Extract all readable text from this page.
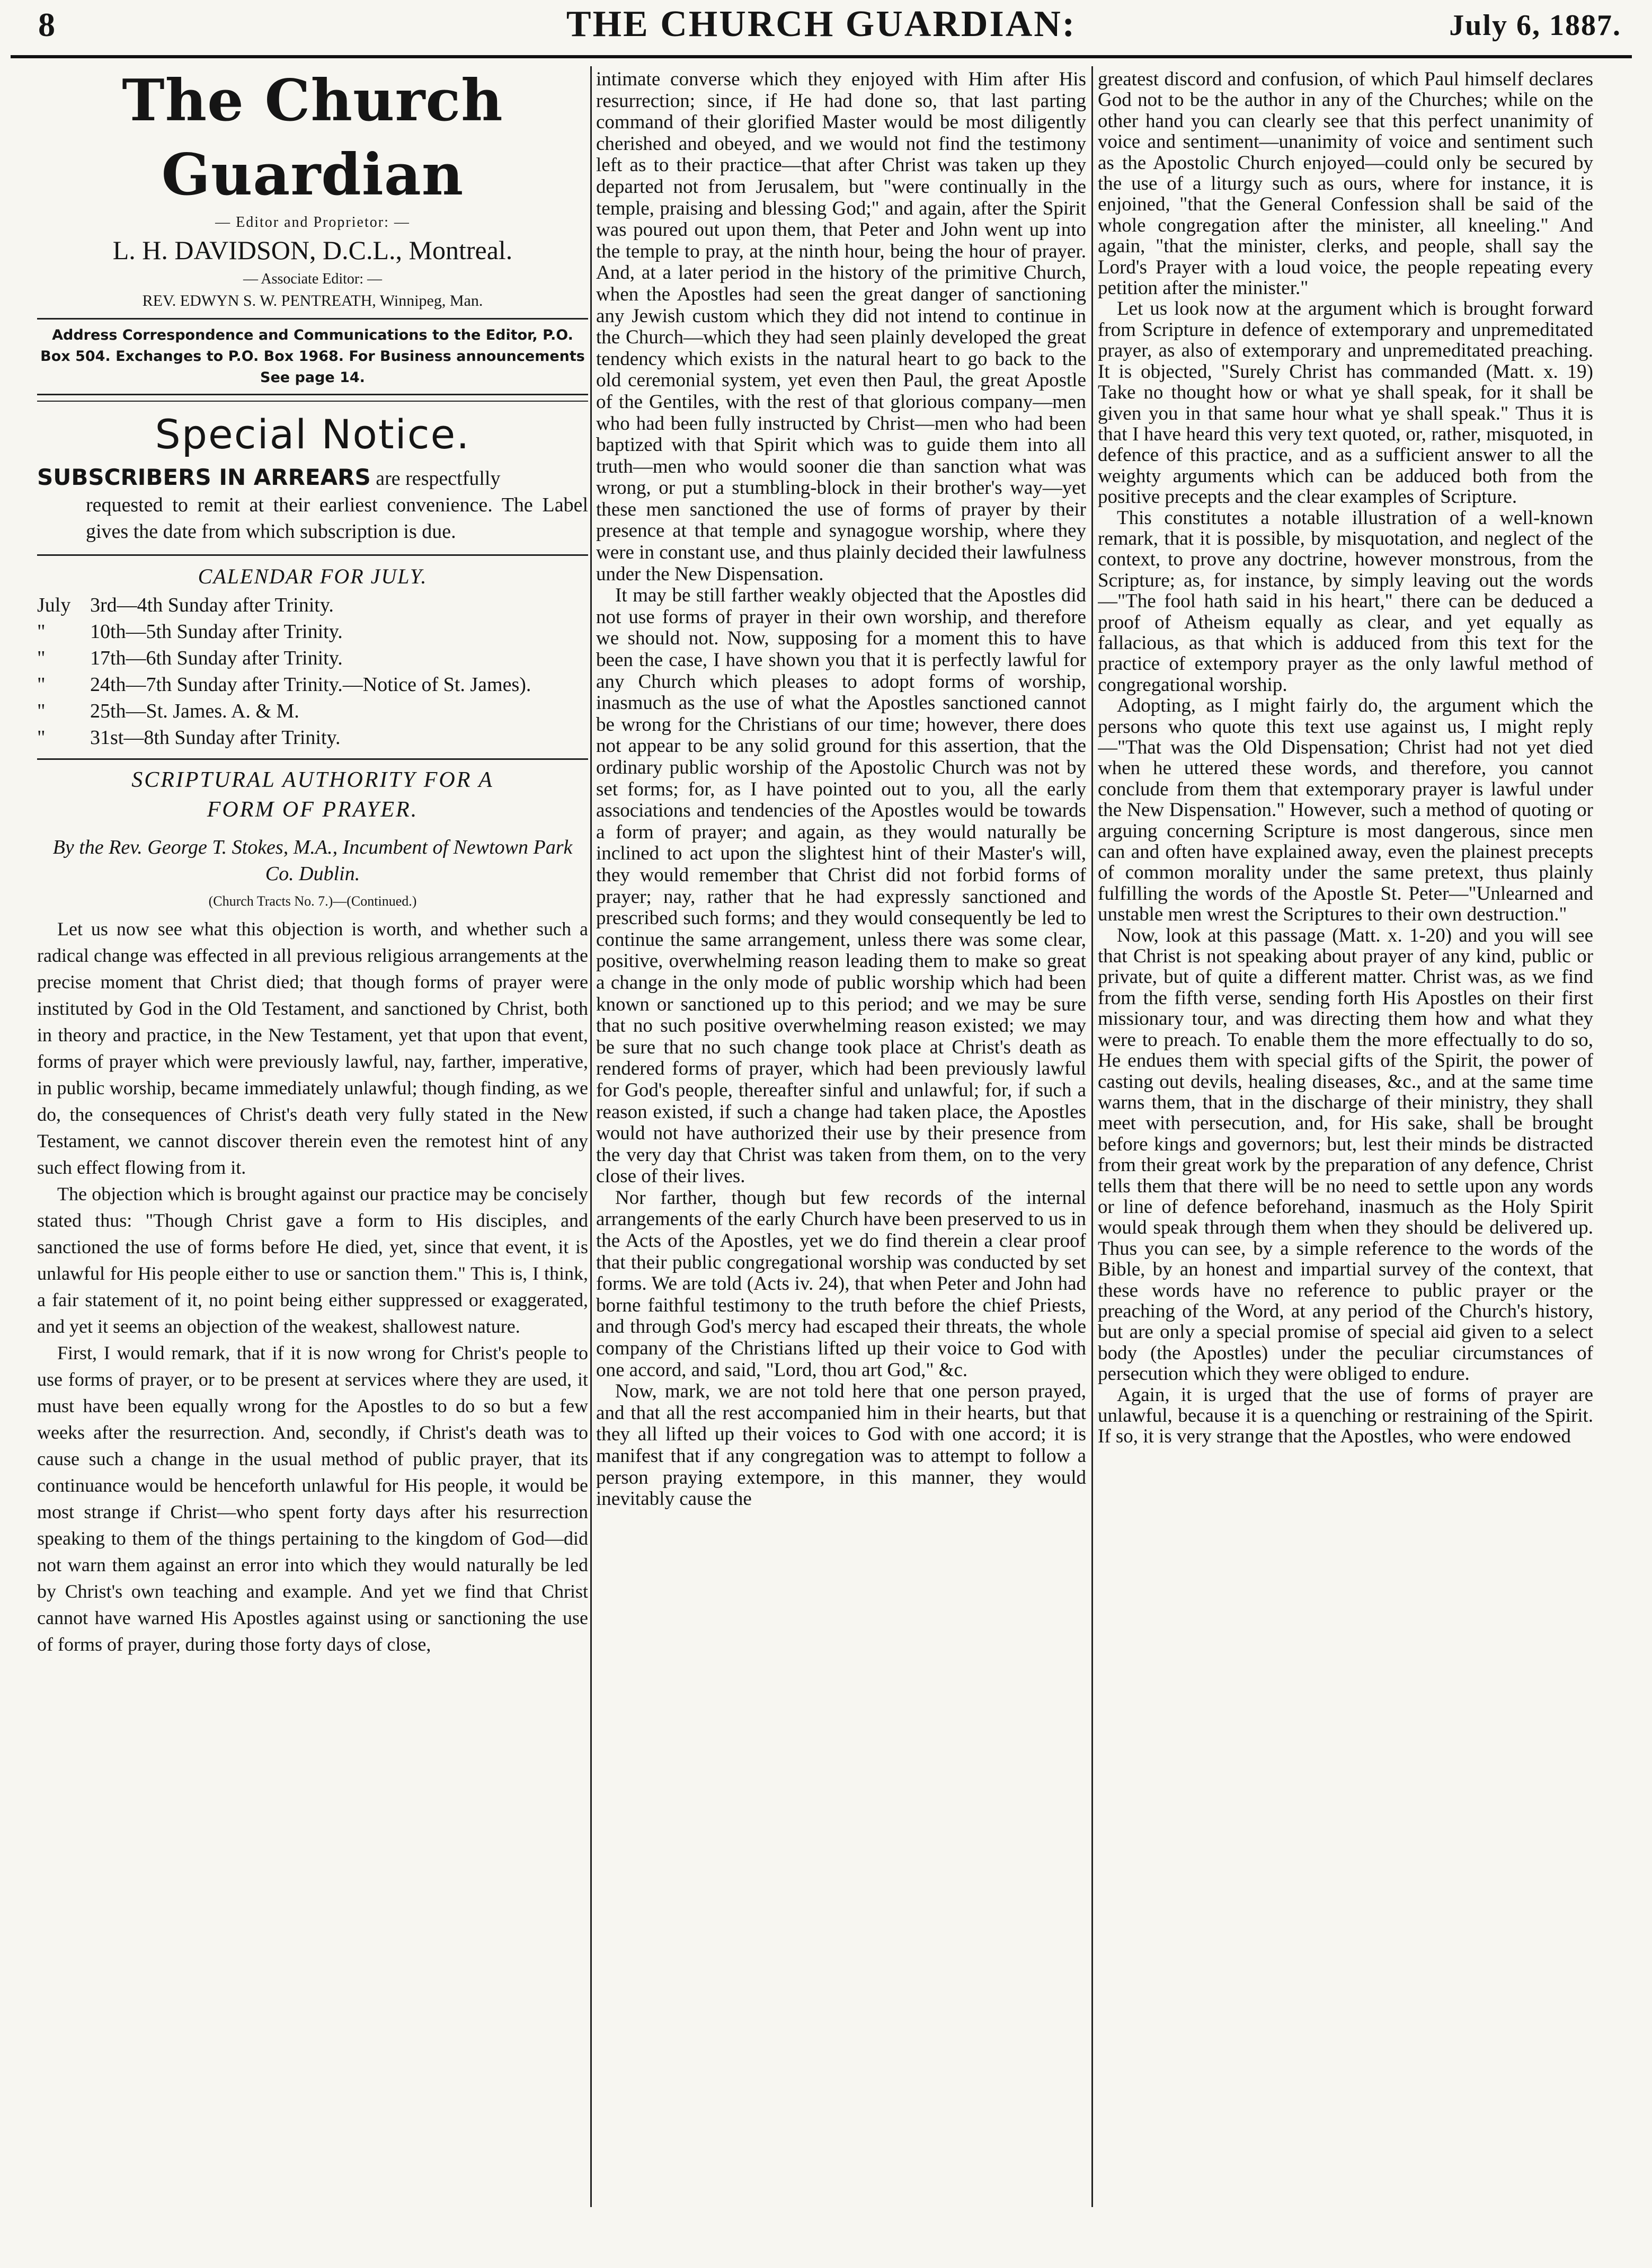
8	THE CHURCH GUARDIAN:	July 6, 1887.
The Church Guardian
— Editor and Proprietor: —
L. H. DAVIDSON, D.C.L., Montreal.
— Associate Editor: —
REV. EDWYN S. W. PENTREATH, Winnipeg, Man.
Address Correspondence and Communications to the Editor, P.O. Box 504. Exchanges to P.O. Box 1968. For Business announcements See page 14.
Special Notice.
SUBSCRIBERS IN ARREARS are respectfully
requested to remit at their earliest convenience. The Label gives the date from which subscription is due.
CALENDAR FOR JULY.
July 3rd—4th Sunday after Trinity.
"	10th—5th Sunday after Trinity.
"	17th—6th Sunday after Trinity.
"	24th—7th Sunday after Trinity.—Notice of St. James).
"	25th—St. James. A. & M.
"	31st—8th Sunday after Trinity.
SCRIPTURAL AUTHORITY FOR A
FORM OF PRAYER.
By the Rev. George T. Stokes, M.A., Incumbent of Newtown Park Co. Dublin.
(Church Tracts No. 7.)—(Continued.)

Let us now see what this objection is worth, and whether such a radical change was effected in all previous religious arrangements at the precise moment that Christ died; that though forms of prayer were instituted by God in the Old Testament, and sanctioned by Christ, both in theory and practice, in the New Testament, yet that upon that event, forms of prayer which were previously lawful, nay, farther, imperative, in public worship, became immediately unlawful; though finding, as we do, the consequences of Christ's death very fully stated in the New Testament, we cannot discover therein even the remotest hint of any such effect flowing from it.

The objection which is brought against our practice may be concisely stated thus: "Though Christ gave a form to His disciples, and sanctioned the use of forms before He died, yet, since that event, it is unlawful for His people either to use or sanction them." This is, I think, a fair statement of it, no point being either suppressed or exaggerated, and yet it seems an objection of the weakest, shallowest nature.

First, I would remark, that if it is now wrong for Christ's people to use forms of prayer, or to be present at services where they are used, it must have been equally wrong for the Apostles to do so but a few weeks after the resurrection. And, secondly, if Christ's death was to cause such a change in the usual method of public prayer, that its continuance would be henceforth unlawful for His people, it would be most strange if Christ—who spent forty days after his resurrection speaking to them of the things pertaining to the kingdom of God—did not warn them against an error into which they would naturally be led by Christ's own teaching and example. And yet we find that Christ cannot have warned His Apostles against using or sanctioning the use of forms of prayer, during those forty days of close,

intimate converse which they enjoyed with Him after His resurrection; since, if He had done so, that last parting command of their glorified Master would be most diligently cherished and obeyed, and we would not find the testimony left as to their practice—that after Christ was taken up they departed not from Jerusalem, but "were continually in the temple, praising and blessing God;" and again, after the Spirit was poured out upon them, that Peter and John went up into the temple to pray, at the ninth hour, being the hour of prayer. And, at a later period in the history of the primitive Church, when the Apostles had seen the great danger of sanctioning any Jewish custom which they did not intend to continue in the Church—which they had seen plainly developed the great tendency which exists in the natural heart to go back to the old ceremonial system, yet even then Paul, the great Apostle of the Gentiles, with the rest of that glorious company—men who had been fully instructed by Christ—men who had been baptized with that Spirit which was to guide them into all truth—men who would sooner die than sanction what was wrong, or put a stumbling-block in their brother's way—yet these men sanctioned the use of forms of prayer by their presence at that temple and synagogue worship, where they were in constant use, and thus plainly decided their lawfulness under the New Dispensation.

It may be still farther weakly objected that the Apostles did not use forms of prayer in their own worship, and therefore we should not. Now, supposing for a moment this to have been the case, I have shown you that it is perfectly lawful for any Church which pleases to adopt forms of worship, inasmuch as the use of what the Apostles sanctioned cannot be wrong for the Christians of our time; however, there does not appear to be any solid ground for this assertion, that the ordinary public worship of the Apostolic Church was not by set forms; for, as I have pointed out to you, all the early associations and tendencies of the Apostles would be towards a form of prayer; and again, as they would naturally be inclined to act upon the slightest hint of their Master's will, they would remember that Christ did not forbid forms of prayer; nay, rather that he had expressly sanctioned and prescribed such forms; and they would consequently be led to continue the same arrangement, unless there was some clear, positive, overwhelming reason leading them to make so great a change in the only mode of public worship which had been known or sanctioned up to this period; and we may be sure that no such positive overwhelming reason existed; we may be sure that no such change took place at Christ's death as rendered forms of prayer, which had been previously lawful for God's people, thereafter sinful and unlawful; for, if such a reason existed, if such a change had taken place, the Apostles would not have authorized their use by their presence from the very day that Christ was taken from them, on to the very close of their lives.

Nor farther, though but few records of the internal arrangements of the early Church have been preserved to us in the Acts of the Apostles, yet we do find therein a clear proof that their public congregational worship was conducted by set forms. We are told (Acts iv. 24), that when Peter and John had borne faithful testimony to the truth before the chief Priests, and through God's mercy had escaped their threats, the whole company of the Christians lifted up their voice to God with one accord, and said, "Lord, thou art God," &c.

Now, mark, we are not told here that one person prayed, and that all the rest accompanied him in their hearts, but that they all lifted up their voices to God with one accord; it is manifest that if any congregation was to attempt to follow a person praying extempore, in this manner, they would inevitably cause the

greatest discord and confusion, of which Paul himself declares God not to be the author in any of the Churches; while on the other hand you can clearly see that this perfect unanimity of voice and sentiment—unanimity of voice and sentiment such as the Apostolic Church enjoyed—could only be secured by the use of a liturgy such as ours, where for instance, it is enjoined, "that the General Confession shall be said of the whole congregation after the minister, all kneeling." And again, "that the minister, clerks, and people, shall say the Lord's Prayer with a loud voice, the people repeating every petition after the minister."

Let us look now at the argument which is brought forward from Scripture in defence of extemporary and unpremeditated prayer, as also of extemporary and unpremeditated preaching. It is objected, "Surely Christ has commanded (Matt. x. 19) Take no thought how or what ye shall speak, for it shall be given you in that same hour what ye shall speak." Thus it is that I have heard this very text quoted, or, rather, misquoted, in defence of this practice, and as a sufficient answer to all the weighty arguments which can be adduced both from the positive precepts and the clear examples of Scripture.

This constitutes a notable illustration of a well-known remark, that it is possible, by misquotation, and neglect of the context, to prove any doctrine, however monstrous, from the Scripture; as, for instance, by simply leaving out the words—"The fool hath said in his heart," there can be deduced a proof of Atheism equally as clear, and yet equally as fallacious, as that which is adduced from this text for the practice of extempory prayer as the only lawful method of congregational worship.

Adopting, as I might fairly do, the argument which the persons who quote this text use against us, I might reply—"That was the Old Dispensation; Christ had not yet died when he uttered these words, and therefore, you cannot conclude from them that extemporary prayer is lawful under the New Dispensation." However, such a method of quoting or arguing concerning Scripture is most dangerous, since men can and often have explained away, even the plainest precepts of common morality under the same pretext, thus plainly fulfilling the words of the Apostle St. Peter—"Unlearned and unstable men wrest the Scriptures to their own destruction."

Now, look at this passage (Matt. x. 1-20) and you will see that Christ is not speaking about prayer of any kind, public or private, but of quite a different matter. Christ was, as we find from the fifth verse, sending forth His Apostles on their first missionary tour, and was directing them how and what they were to preach. To enable them the more effectually to do so, He endues them with special gifts of the Spirit, the power of casting out devils, healing diseases, &c., and at the same time warns them, that in the discharge of their ministry, they shall meet with persecution, and, for His sake, shall be brought before kings and governors; but, lest their minds be distracted from their great work by the preparation of any defence, Christ tells them that there will be no need to settle upon any words or line of defence beforehand, inasmuch as the Holy Spirit would speak through them when they should be delivered up. Thus you can see, by a simple reference to the words of the Bible, by an honest and impartial survey of the context, that these words have no reference to public prayer or the preaching of the Word, at any period of the Church's history, but are only a special promise of special aid given to a select body (the Apostles) under the peculiar circumstances of persecution which they were obliged to endure.

Again, it is urged that the use of forms of prayer are unlawful, because it is a quenching or restraining of the Spirit. If so, it is very strange that the Apostles, who were endowed
